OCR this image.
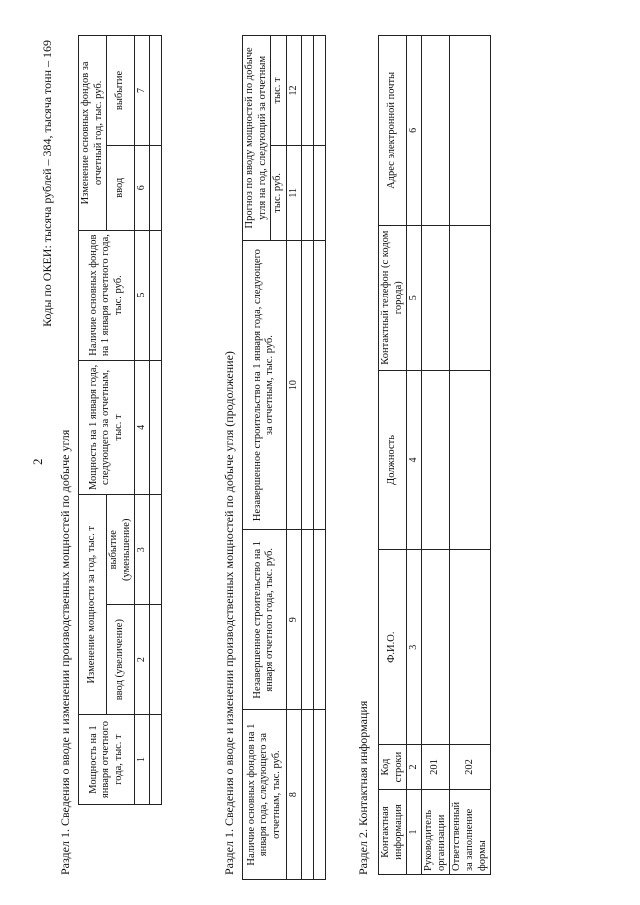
2
Коды по ОКЕИ: тысяча рублей – 384, тысяча тонн – 169
Раздел 1. Сведения о вводе и изменении производственных мощностей по добыче угля Мощность на 1 января отчетного года, тыс. т	Изменение мощности за год, тыс. т		Мощность на 1 января года, следующего за отчетным, тыс. т	Наличие основных фондов на 1 января отчетного года, тыс. руб.	Изменение основных фондов за отчетный год, тыс. руб.	
	ввод (увеличение)	выбытие (уменьшение)			ввод	выбытие
1	2	3	4	5	6	7

Раздел 1. Сведения о вводе и изменении производственных мощностей по добыче угля (продолжение) Наличие основных фондов на 1 января года, следующего за отчетным, тыс. руб.	Незавершенное строительство на 1 января отчетного года, тыс. руб.	Незавершенное строительство на 1 января года, следующего за отчетным, тыс. руб.	Прогноз по вводу мощностей по добыче угля на год, следующий за отчетным	
			тыс. руб.	тыс. т
8	9	10	11	12

Раздел 2. Контактная информация Контактная информация	Код строки	Ф.И.О.	Должность	Контактный телефон (с кодом города)	Адрес электронной почты
1	2	3	4	5	6
Руководитель организации	201				
Ответственный за заполнение формы	202				
